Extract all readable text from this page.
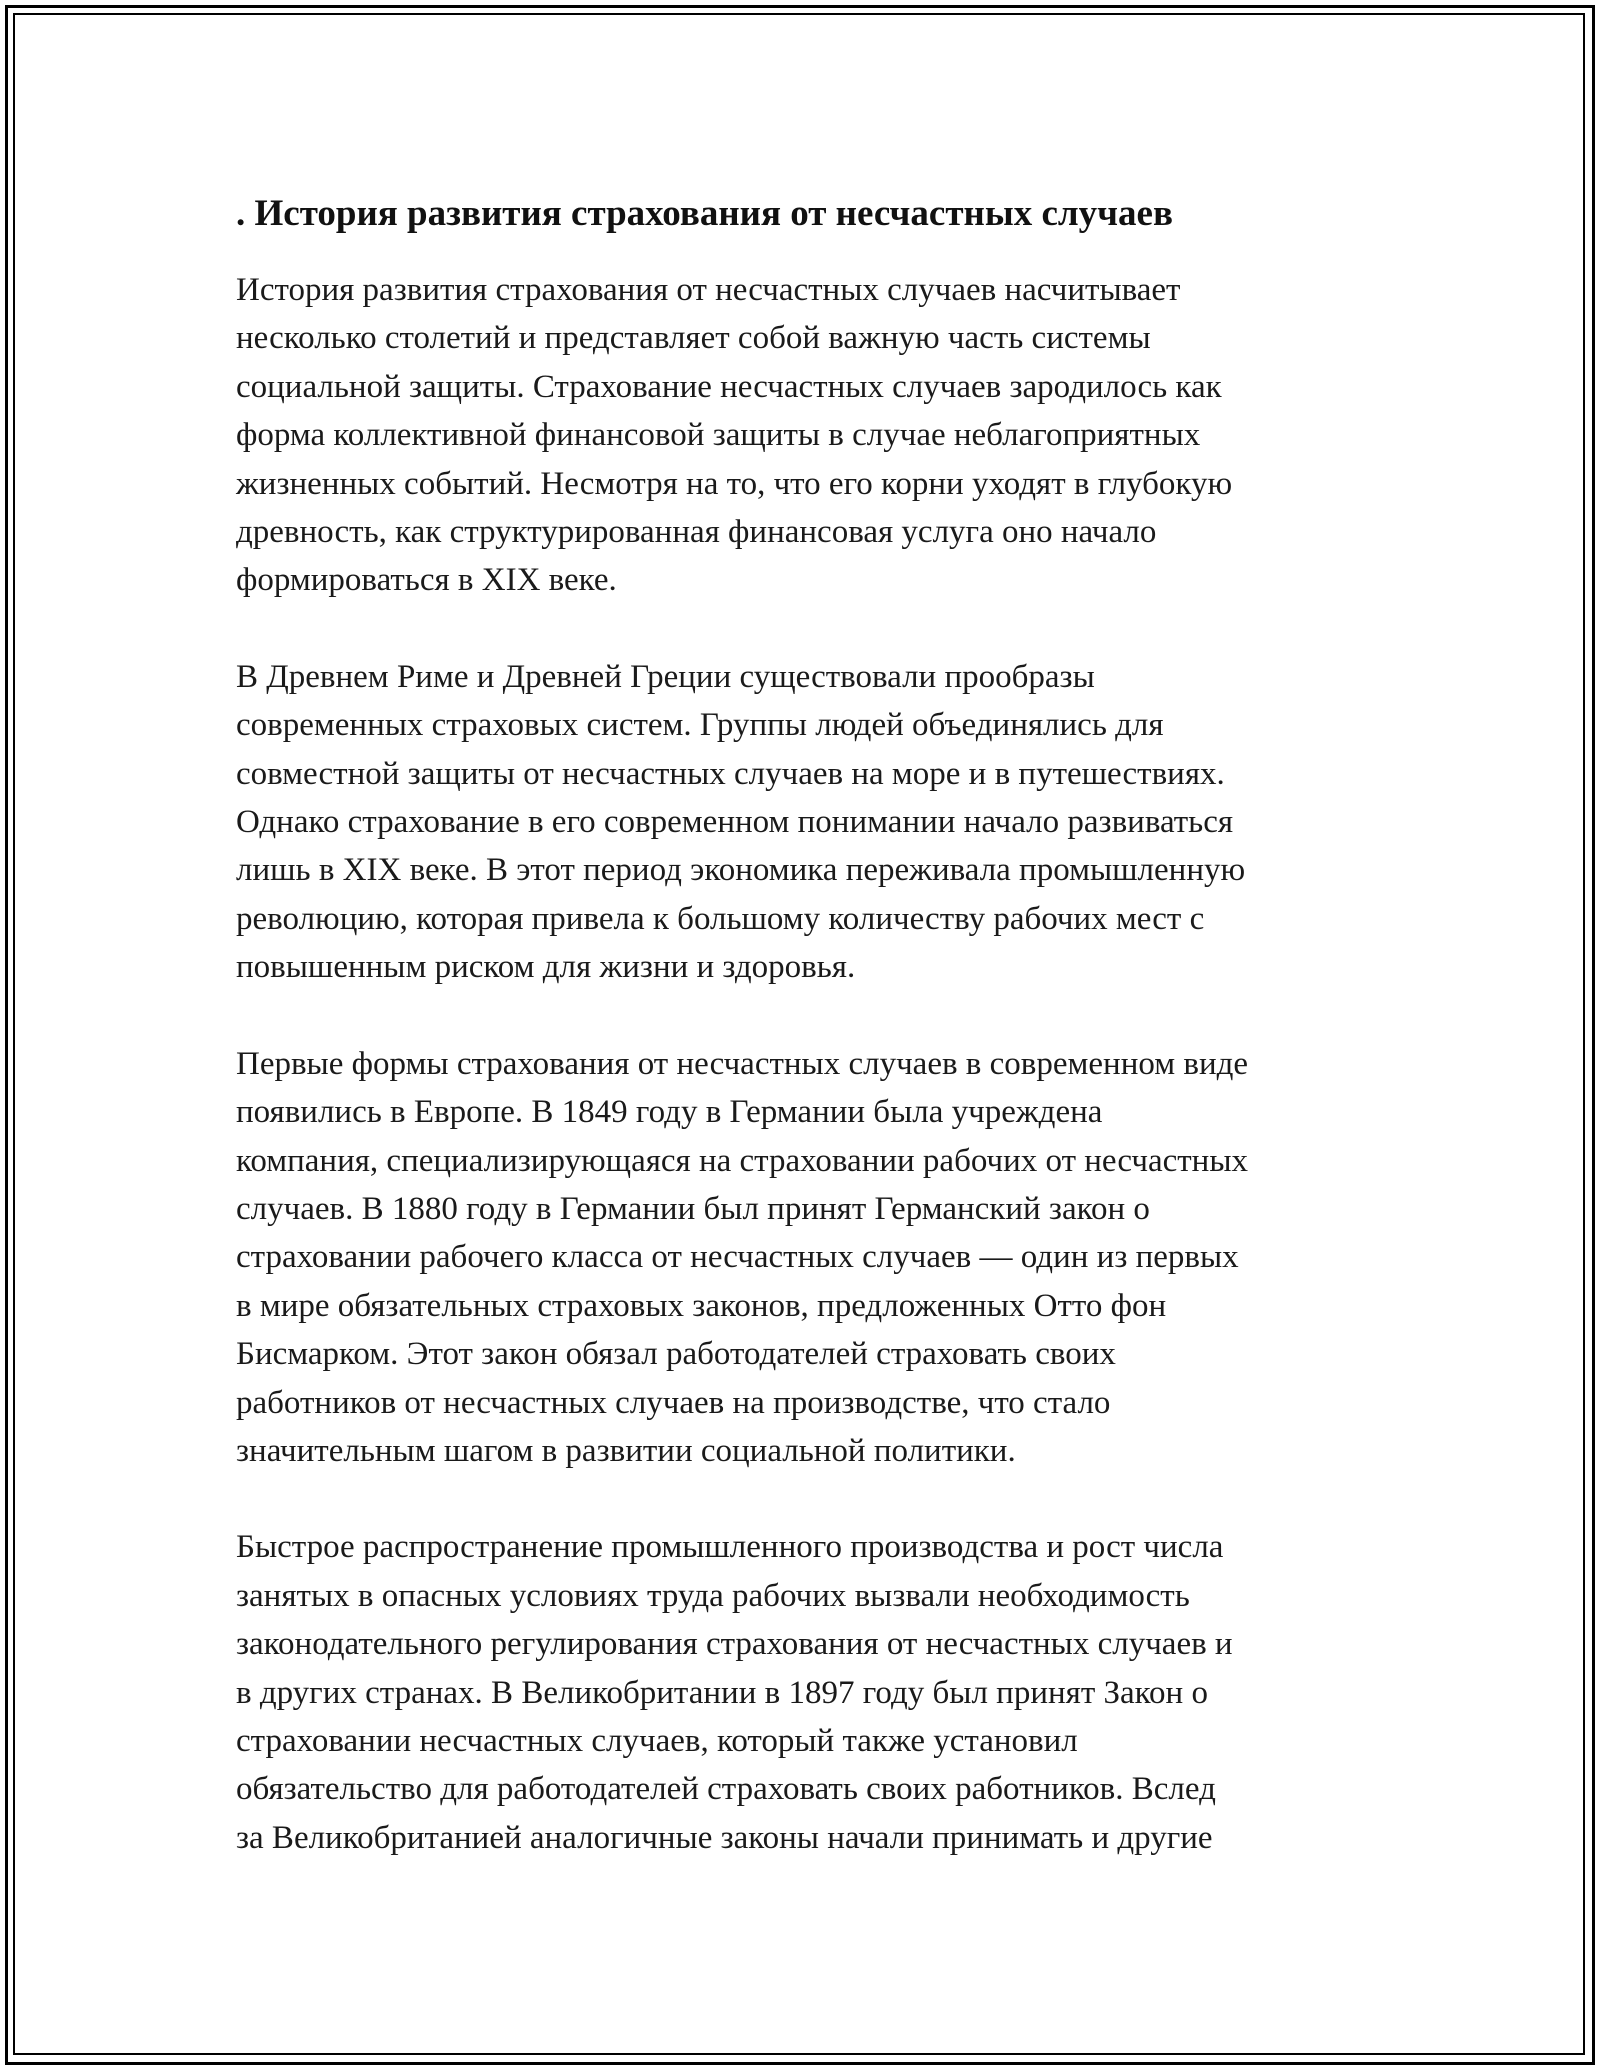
. История развития страхования от несчастных случаев

История развития страхования от несчастных случаев насчитывает
несколько столетий и представляет собой важную часть системы
социальной защиты. Страхование несчастных случаев зародилось как
форма коллективной финансовой защиты в случае неблагоприятных
жизненных событий. Несмотря на то, что его корни уходят в глубокую
древность, как структурированная финансовая услуга оно начало
формироваться в XIX веке.

В Древнем Риме и Древней Греции существовали прообразы
современных страховых систем. Группы людей объединялись для
совместной защиты от несчастных случаев на море и в путешествиях.
Однако страхование в его современном понимании начало развиваться
лишь в XIX веке. В этот период экономика переживала промышленную
революцию, которая привела к большому количеству рабочих мест с
повышенным риском для жизни и здоровья.

Первые формы страхования от несчастных случаев в современном виде
появились в Европе. В 1849 году в Германии была учреждена
компания, специализирующаяся на страховании рабочих от несчастных
случаев. В 1880 году в Германии был принят Германский закон о
страховании рабочего класса от несчастных случаев — один из первых
в мире обязательных страховых законов, предложенных Отто фон
Бисмарком. Этот закон обязал работодателей страховать своих
работников от несчастных случаев на производстве, что стало
значительным шагом в развитии социальной политики.

Быстрое распространение промышленного производства и рост числа
занятых в опасных условиях труда рабочих вызвали необходимость
законодательного регулирования страхования от несчастных случаев и
в других странах. В Великобритании в 1897 году был принят Закон о
страховании несчастных случаев, который также установил
обязательство для работодателей страховать своих работников. Вслед
за Великобританией аналогичные законы начали принимать и другие
